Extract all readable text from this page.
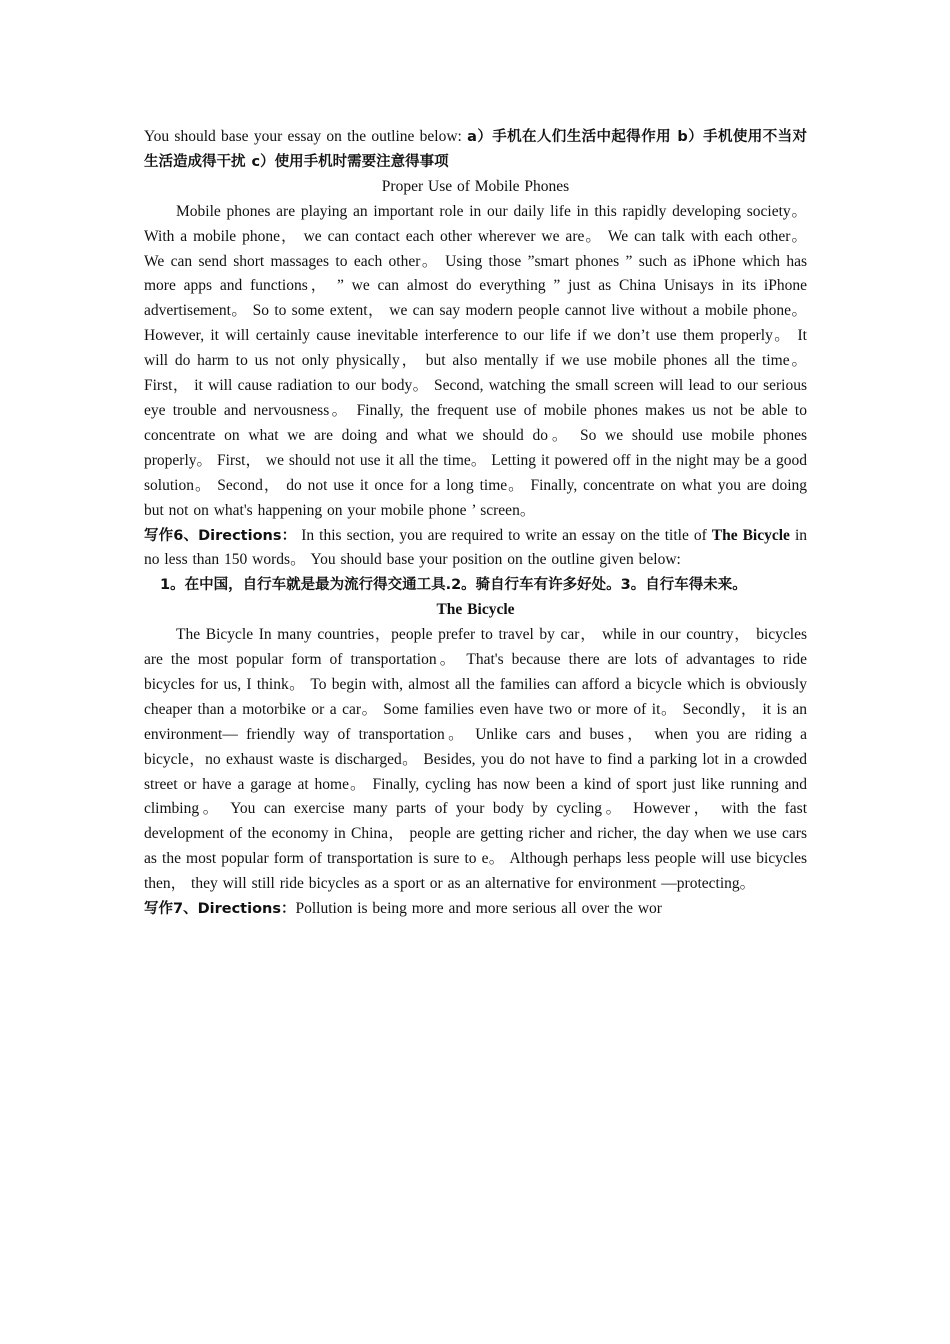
You should base your essay on the outline below: a）手机在人们生活中起得作用 b）手机使用不当对生活造成得干扰 c）使用手机时需要注意得事项

Proper Use of Mobile Phones

Mobile phones are playing an important role in our daily life in this rapidly developing society。 With a mobile phone， we can contact each other wherever we are。 We can talk with each other。 We can send short massages to each other。 Using those ”smart phones ” such as iPhone which has more apps and functions， ” we can almost do everything ” just as China Unisays in its iPhone advertisement。 So to some extent， we can say modern people cannot live without a mobile phone。 However, it will certainly cause inevitable interference to our life if we don’t use them properly。 It will do harm to us not only physically， but also mentally if we use mobile phones all the time。 First， it will cause radiation to our body。 Second, watching the small screen will lead to our serious eye trouble and nervousness。 Finally, the frequent use of mobile phones makes us not be able to concentrate on what we are doing and what we should do。 So we should use mobile phones properly。 First， we should not use it all the time。 Letting it powered off in the night may be a good solution。 Second， do not use it once for a long time。 Finally, concentrate on what you are doing but not on what's happening on your mobile phone ’ screen。

写作6、Directions： In this section, you are required to write an essay on the title of The Bicycle in no less than 150 words。 You should base your position on the outline given below:

1。在中国，自行车就是最为流行得交通工具.2。骑自行车有许多好处。3。自行车得未来。

The Bicycle

The Bicycle In many countries，people prefer to travel by car， while in our country， bicycles are the most popular form of transportation。 That's because there are lots of advantages to ride bicycles for us, I think。 To begin with, almost all the families can afford a bicycle which is obviously cheaper than a motorbike or a car。 Some families even have two or more of it。 Secondly， it is an environment— friendly way of transportation。 Unlike cars and buses， when you are riding a bicycle，no exhaust waste is discharged。 Besides, you do not have to find a parking lot in a crowded street or have a garage at home。 Finally, cycling has now been a kind of sport just like running and climbing。 You can exercise many parts of your body by cycling。 However， with the fast development of the economy in China， people are getting richer and richer, the day when we use cars as the most popular form of transportation is sure to e。 Although perhaps less people will use bicycles then， they will still ride bicycles as a sport or as an alternative for environment —protecting。

写作7、Directions：Pollution is being more and more serious all over the wor
